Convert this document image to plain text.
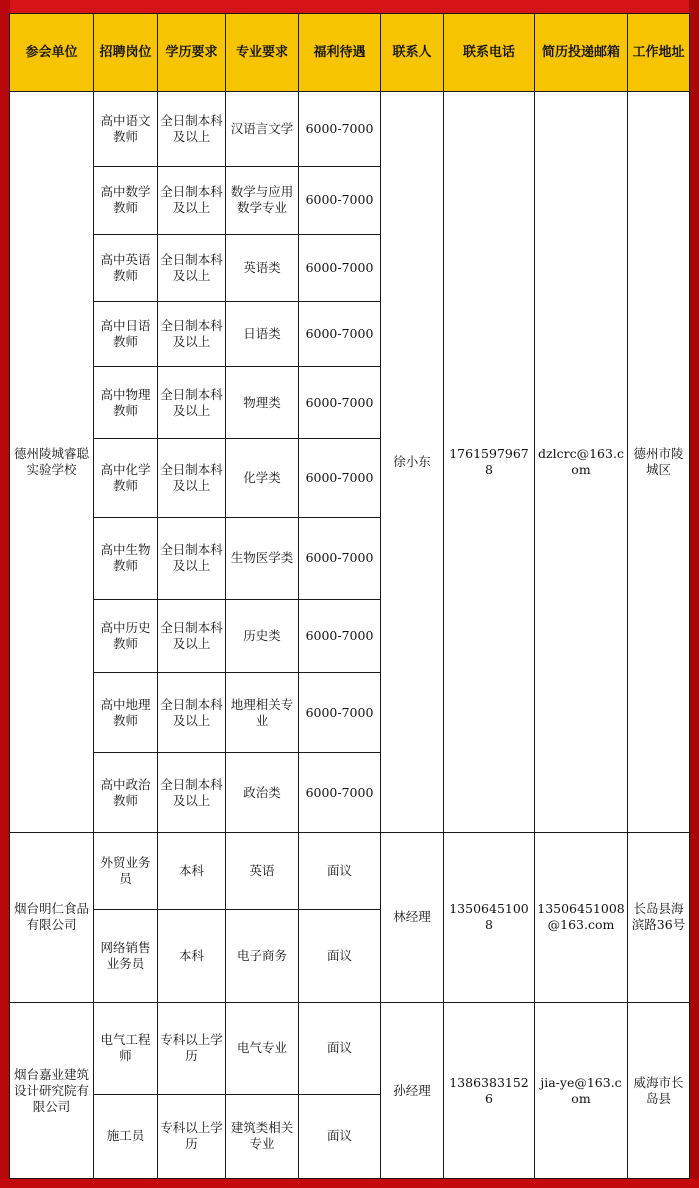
参会单位	招聘岗位	学历要求	专业要求	福利待遇	联系人	联系电话	简历投递邮箱	工作地址
德州陵城睿聪实验学校	高中语文教师	全日制本科及以上	汉语言文学	6000-7000	徐小东	17615979678	dzlcrc@163.com	德州市陵城区
	高中数学教师	全日制本科及以上	数学与应用数学专业	6000-7000				
	高中英语教师	全日制本科及以上	英语类	6000-7000				
	高中日语教师	全日制本科及以上	日语类	6000-7000				
	高中物理教师	全日制本科及以上	物理类	6000-7000				
	高中化学教师	全日制本科及以上	化学类	6000-7000				
	高中生物教师	全日制本科及以上	生物医学类	6000-7000				
	高中历史教师	全日制本科及以上	历史类	6000-7000				
	高中地理教师	全日制本科及以上	地理相关专业	6000-7000				
	高中政治教师	全日制本科及以上	政治类	6000-7000				
烟台明仁食品有限公司	外贸业务员	本科	英语	面议	林经理	13506451008	13506451008@163.com	长岛县海滨路36号
	网络销售业务员	本科	电子商务	面议				
烟台嘉业建筑设计研究院有限公司	电气工程师	专科以上学历	电气专业	面议	孙经理	13863831526	jia-ye@163.com	威海市长岛县
	施工员	专科以上学历	建筑类相关专业	面议				
